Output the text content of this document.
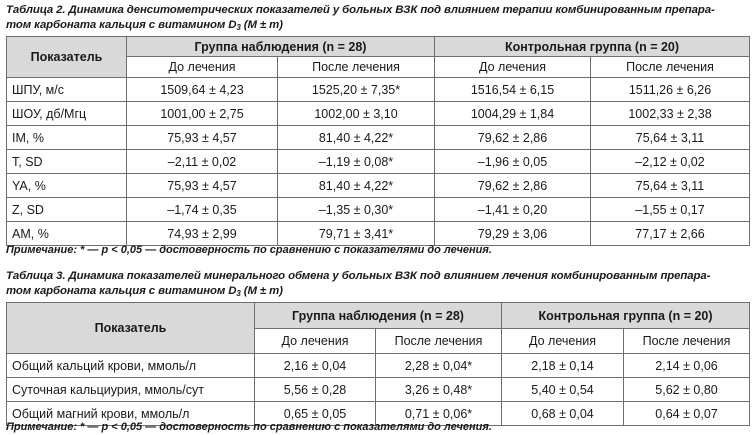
Таблица 2. Динамика денситометрических показателей у больных ВЗК под влиянием терапии комбинированным препара-
том карбоната кальция с витамином $D_3$ (M ± m)
Показатель	Группа наблюдения (n = 28)		Контрольная группа (n = 20)	
	До лечения	После лечения	До лечения	После лечения
ШПУ, м/с	1509,64 ± 4,23	1525,20 ± 7,35*	1516,54 ± 6,15	1511,26 ± 6,26
ШОУ, дб/Мгц	1001,00 ± 2,75	1002,00 ± 3,10	1004,29 ± 1,84	1002,33 ± 2,38
IM, %	75,93 ± 4,57	81,40 ± 4,22*	79,62 ± 2,86	75,64 ± 3,11
T, SD	–2,11 ± 0,02	–1,19 ± 0,08*	–1,96 ± 0,05	–2,12 ± 0,02
YA, %	75,93 ± 4,57	81,40 ± 4,22*	79,62 ± 2,86	75,64 ± 3,11
Z, SD	–1,74 ± 0,35	–1,35 ± 0,30*	–1,41 ± 0,20	–1,55 ± 0,17
AM, %	74,93 ± 2,99	79,71 ± 3,41*	79,29 ± 3,06	77,17 ± 2,66
Примечание: * — p < 0,05 — достоверность по сравнению с показателями до лечения.
Таблица 3. Динамика показателей минерального обмена у больных ВЗК под влиянием лечения комбинированным препара-
том карбоната кальция с витамином $D_3$ (M ± m)
Показатель	Группа наблюдения (n = 28)		Контрольная группа (n = 20)	
	До лечения	После лечения	До лечения	После лечения
Общий кальций крови, ммоль/л	2,16 ± 0,04	2,28 ± 0,04*	2,18 ± 0,14	2,14 ± 0,06
Суточная кальциурия, ммоль/сут	5,56 ± 0,28	3,26 ± 0,48*	5,40 ± 0,54	5,62 ± 0,80
Общий магний крови, ммоль/л	0,65 ± 0,05	0,71 ± 0,06*	0,68 ± 0,04	0,64 ± 0,07
Примечание: * — p < 0,05 — достоверность по сравнению с показателями до лечения.
